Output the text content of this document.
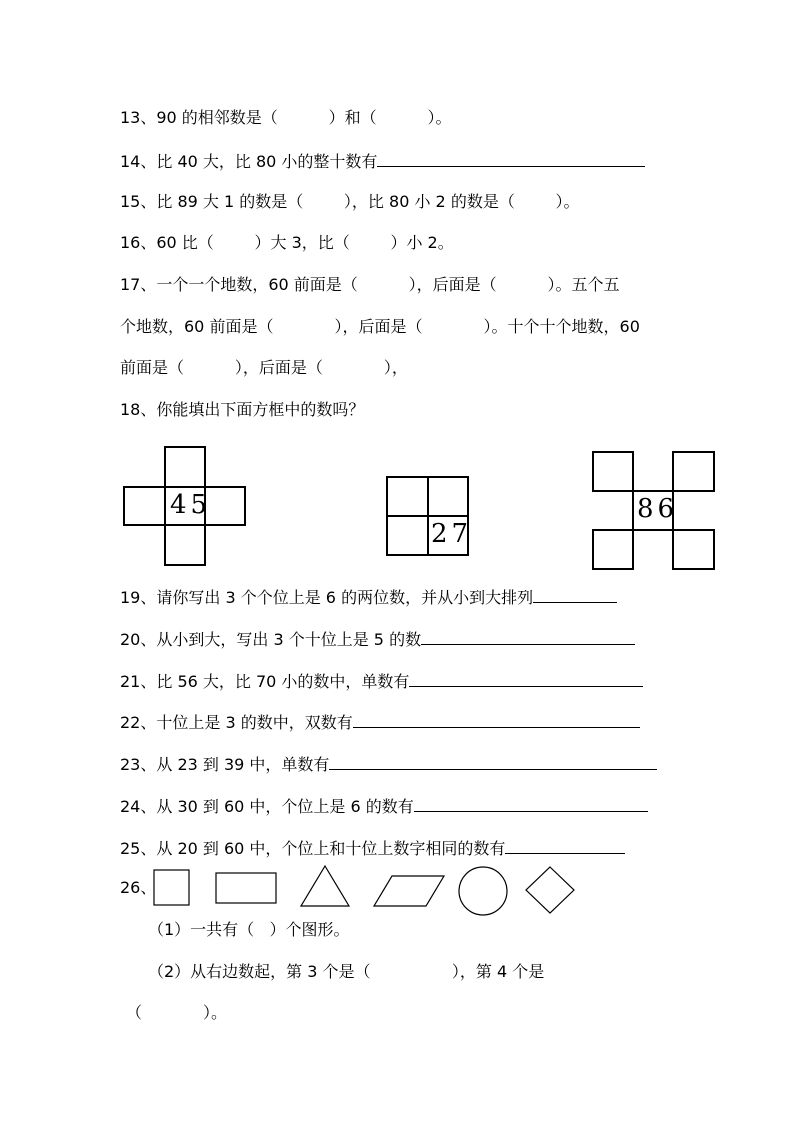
13、90 的相邻数是（          ）和（          ）。
14、比 40 大，比 80 小的整十数有
15、比 89 大 1 的数是（        ），比 80 小 2 的数是（        ）。
16、60 比（        ）大 3，比（        ）小 2。
17、一个一个地数，60 前面是（          ），后面是（          ）。五个五
个地数，60 前面是（            ），后面是（            ）。十个十个地数，60
前面是（          ），后面是（            ），
18、你能填出下面方框中的数吗？
45
27
86
19、请你写出 3 个个位上是 6 的两位数，并从小到大排列
20、从小到大，写出 3 个十位上是 5 的数
21、比 56 大，比 70 小的数中，单数有
22、十位上是 3 的数中，双数有
23、从 23 到 39 中，单数有
24、从 30 到 60 中，个位上是 6 的数有
25、从 20 到 60 中，个位上和十位上数字相同的数有
26、
（1）一共有（   ）个图形。
（2）从右边数起，第 3 个是（                ），第 4 个是
（            ）。
